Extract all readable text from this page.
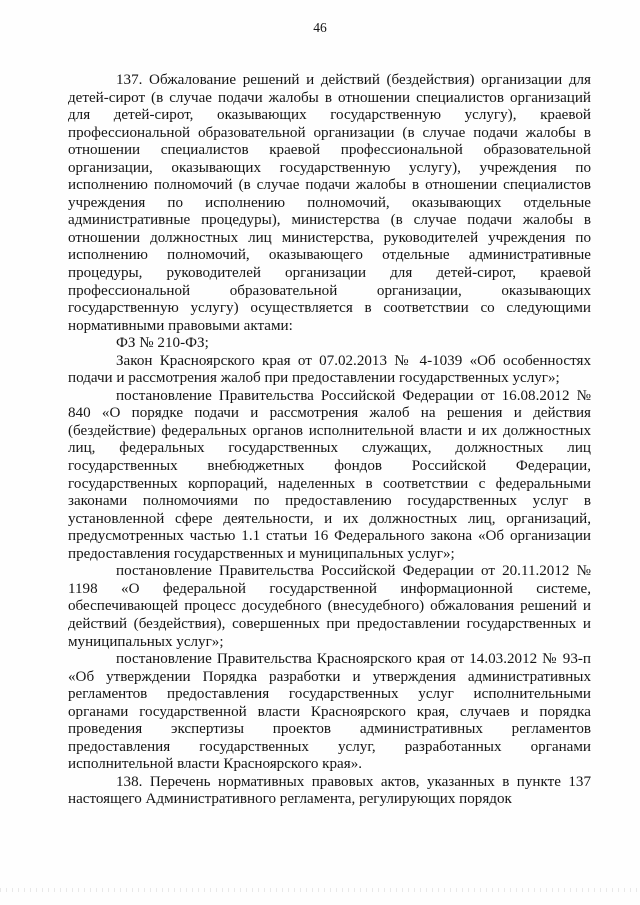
46

137. Обжалование решений и действий (бездействия) организации для детей-сирот (в случае подачи жалобы в отношении специалистов организаций для детей-сирот, оказывающих государственную услугу), краевой профессиональной образовательной организации (в случае подачи жалобы в отношении специалистов краевой профессиональной образовательной организации, оказывающих государственную услугу), учреждения по исполнению полномочий (в случае подачи жалобы в отношении специалистов учреждения по исполнению полномочий, оказывающих отдельные административные процедуры), министерства (в случае подачи жалобы в отношении должностных лиц министерства, руководителей учреждения по исполнению полномочий, оказывающего отдельные административные процедуры, руководителей организации для детей-сирот, краевой профессиональной образовательной организации, оказывающих государственную услугу) осуществляется в соответствии со следующими нормативными правовыми актами:

ФЗ № 210-ФЗ;

Закон Красноярского края от 07.02.2013 № 4-1039 «Об особенностях подачи и рассмотрения жалоб при предоставлении государственных услуг»;

постановление Правительства Российской Федерации от 16.08.2012 № 840 «О порядке подачи и рассмотрения жалоб на решения и действия (бездействие) федеральных органов исполнительной власти и их должностных лиц, федеральных государственных служащих, должностных лиц государственных внебюджетных фондов Российской Федерации, государственных корпораций, наделенных в соответствии с федеральными законами полномочиями по предоставлению государственных услуг в установленной сфере деятельности, и их должностных лиц, организаций, предусмотренных частью 1.1 статьи 16 Федерального закона «Об организации предоставления государственных и муниципальных услуг»;

постановление Правительства Российской Федерации от 20.11.2012 № 1198 «О федеральной государственной информационной системе, обеспечивающей процесс досудебного (внесудебного) обжалования решений и действий (бездействия), совершенных при предоставлении государственных и муниципальных услуг»;

постановление Правительства Красноярского края от 14.03.2012 № 93-п «Об утверждении Порядка разработки и утверждения административных регламентов предоставления государственных услуг исполнительными органами государственной власти Красноярского края, случаев и порядка проведения экспертизы проектов административных регламентов предоставления государственных услуг, разработанных органами исполнительной власти Красноярского края».

138. Перечень нормативных правовых актов, указанных в пункте 137 настоящего Административного регламента, регулирующих порядок
